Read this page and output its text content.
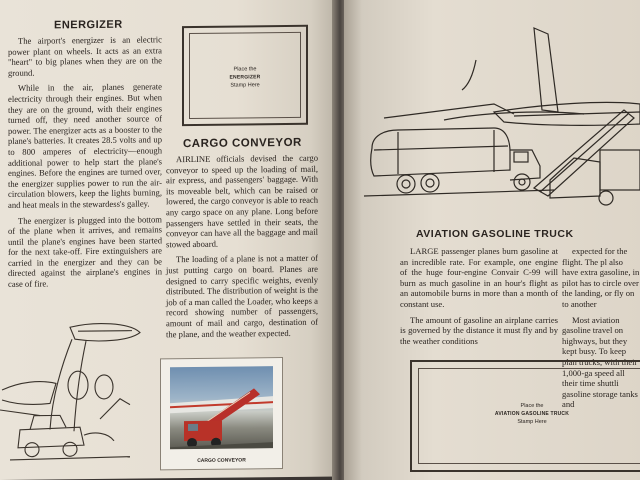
ENERGIZER

The airport's energizer is an electric power plant on wheels. It acts as an extra "heart" to big planes when they are on the ground.

While in the air, planes generate electricity through their engines. But when they are on the ground, with their engines turned off, they need another source of power. The energizer acts as a booster to the plane's batteries. It creates 28.5 volts and up to 800 amperes of electricity—enough additional power to help start the plane's engines. Before the engines are turned over, the energizer supplies power to run the air-circulation blowers, keep the lights burning, and heat meals in the stewardess's galley.

The energizer is plugged into the bottom of the plane when it arrives, and remains until the plane's engines have been started for the next take-off. Fire extinguishers are carried in the energizer and they can be directed against the airplane's engines in case of fire.

Place the
ENERGIZER
Stamp Here
CARGO CONVEYOR

AIRLINE officials devised the cargo conveyor to speed up the loading of mail, air express, and passengers' baggage. With its moveable belt, which can be raised or lowered, the cargo conveyor is able to reach any cargo space on any plane. Long before passengers have settled in their seats, the conveyor can have all the baggage and mail stowed aboard.

The loading of a plane is not a matter of just putting cargo on board. Planes are designed to carry specific weights, evenly distributed. The distribution of weight is the job of a man called the Loader, who keeps a record showing number of passengers, amount of mail and cargo, destination of the plane, and the weather expected.

CARGO CONVEYOR
AVIATION GASOLINE TRUCK

LARGE passenger planes burn gasoline at an incredible rate. For example, one engine of the huge four-engine Convair C-99 will burn as much gasoline in an hour's flight as an automobile burns in more than a month of constant use.

The amount of gasoline an airplane carries is governed by the distance it must fly and by the weather conditions

expected for the flight. The pl also have extra gasoline, in pilot has to circle over the landing, or fly on to another

Most aviation gasoline travel on highways, but they kept busy. To keep plan trucks, with their 1,000-ga speed all their time shuttli gasoline storage tanks and

Place the
AVIATION GASOLINE TRUCK
Stamp Here
